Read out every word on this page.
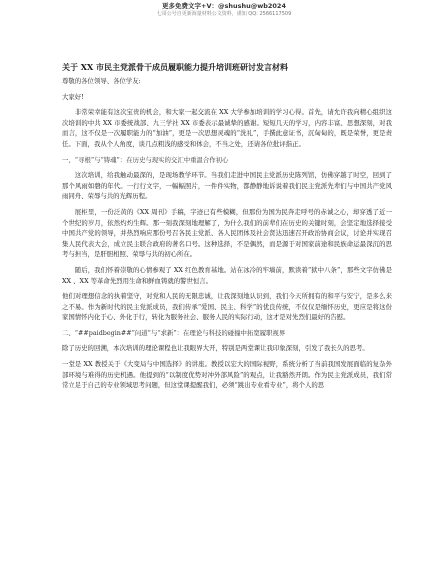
更多免费文字+V：@shushu@wb2024
七哥公号自更新海量材料公文资料，谨知 QQ: 2566117509
关于 XX 市民主党派骨干成员履职能力提升培训班研讨发言材料

尊敬的各位领导、各位学友:

大家好!

非常荣幸能有这次宝贵的机会，和大家一起交流在 XX 大学参加培训的学习心得。首先，请允许我向精心组织这次培训的中共 XX 市委统战部、九三学社 XX 市委表示最诚挚的感谢。短短几天的学习，内容丰富、思想深刻，对我而言，这不仅是一次履职能力的“加油”，更是一次思想灵魂的“洗礼”，手撰此意证书，沉甸甸的，既是荣誉，更是责任。下面，我从个人角度，谈几点粗浅的感受和体会，不当之处，还请各位批评指正。

一、“寻根”与“铸魂”：在历史与现实的交汇中重温合作初心

这次培训，给我触动最深的，是现场教学环节。当我们走进中国民主党派历史陈列馆，仿佛穿越了时空，回到了那个风雨如磐的年代。一行行文字，一幅幅照片，一件件实物，都静静地诉说着我们民主党派先辈们与中国共产党风雨同舟、荣辱与共的光辉历程。

展柜里，一份泛黄的《XX 周刊》手稿，字迹已有些模糊，但那份为国为民奔走呼号的赤诚之心，却穿透了近一个世纪的岁月，依然灼灼生辉。那一刻我深刻地理解了，为什么我们的前辈们在历史的关键时刻，会坚定地选择接受中国共产党的领导，并热烈响应那份号召各民主党派、各人民团体及社会贤达迅速召开政治协商会议，讨论并实现召集人民代表大会，成立民主联合政府的著名口号。这种选择，不是偶然，而是源于对国家前途和民族命运最深沉的思考与担当，是肝胆相照、荣辱与共的初心所在。

随后，我们怀着崇敬的心情参观了 XX 红色教育基地。站在冰冷的牢墙前，默读着“狱中八条”，那些文字仿佛是 XX 、XX 等革命先烈用生命和鲜血铸就的警世恒言。

他们对理想信念的执着坚守，对党和人民的无限忠诚，让我深刻地认识到，我们今天所拥有的和平与安宁，是多么来之不易。作为新时代的民主党派成员，我们传承“爱国、民主、科学”的优良传统，不仅仅是缅怀历史，更应是将这份家国情怀内化于心、外化于行，转化为服务社会、服务人民的实际行动，这才是对先烈们最好的告慰。

二、“##paidbegin##”问道”与“求新”：在理论与科技的碰撞中拓宽履职视界

除了历史的回溯，本次培训的理论课程也让我眼界大开，特别是两堂课让我印象深刻，引发了我长久的思考。

一堂是 XX 教授关于《大变局与中国选择》的讲座。教授以宏大的国际视野，系统分析了当前我国发展面临的复杂外部环境与难得的历史机遇。他提到的“以制度优势对冲外部风险”的观点，让我豁然开朗。作为民主党派成员，我们常常立足于自己的专业领域思考问题，但这堂课提醒我们，必须“跳出专业看专业”，将个人的思
